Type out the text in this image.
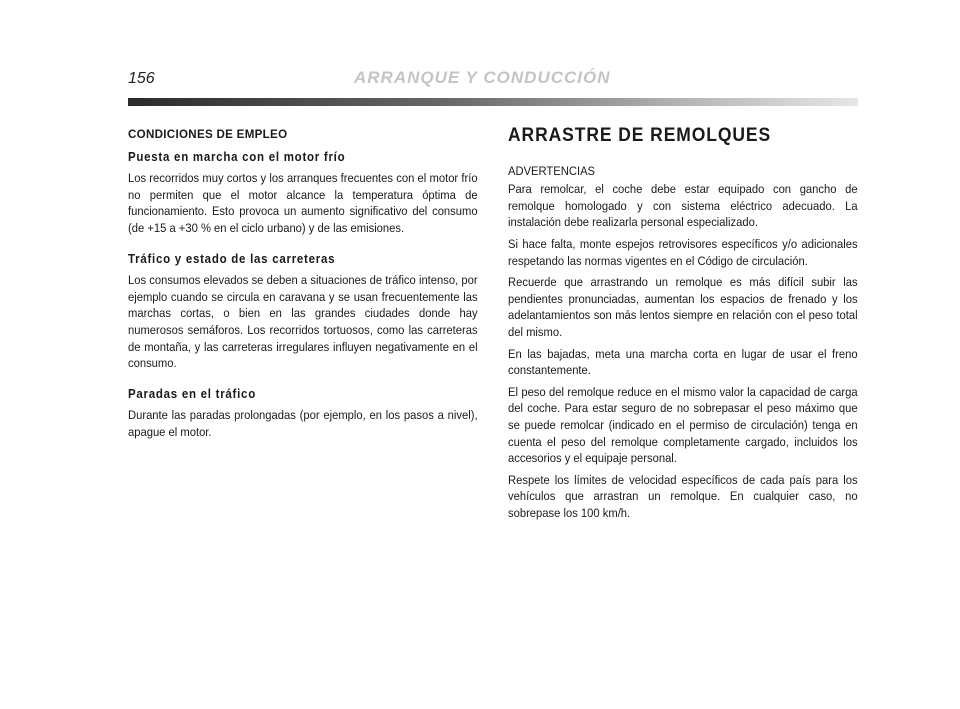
156	ARRANQUE Y CONDUCCIÓN
CONDICIONES DE EMPLEO
Puesta en marcha con el motor frío

Los recorridos muy cortos y los arranques frecuentes con el motor frío no permiten que el motor alcance la temperatura óptima de funcionamiento. Esto provoca un aumento significativo del consumo (de +15 a +30 % en el ciclo urbano) y de las emisiones.

Tráfico y estado de las carreteras

Los consumos elevados se deben a situaciones de tráfico intenso, por ejemplo cuando se circula en caravana y se usan frecuentemente las marchas cortas, o bien en las grandes ciudades donde hay numerosos semáforos. Los recorridos tortuosos, como las carreteras de montaña, y las carreteras irregulares influyen negativamente en el consumo.

Paradas en el tráfico

Durante las paradas prolongadas (por ejemplo, en los pasos a nivel), apague el motor.

ARRASTRE DE REMOLQUES
ADVERTENCIAS

Para remolcar, el coche debe estar equipado con gancho de remolque homologado y con sistema eléctrico adecuado. La instalación debe realizarla personal especializado.

Si hace falta, monte espejos retrovisores específicos y/o adicionales respetando las normas vigentes en el Código de circulación.

Recuerde que arrastrando un remolque es más difícil subir las pendientes pronunciadas, aumentan los espacios de frenado y los adelantamientos son más lentos siempre en relación con el peso total del mismo.

En las bajadas, meta una marcha corta en lugar de usar el freno constantemente.

El peso del remolque reduce en el mismo valor la capacidad de carga del coche. Para estar seguro de no sobrepasar el peso máximo que se puede remolcar (indicado en el permiso de circulación) tenga en cuenta el peso del remolque completamente cargado, incluidos los accesorios y el equipaje personal.

Respete los límites de velocidad específicos de cada país para los vehículos que arrastran un remolque. En cualquier caso, no sobrepase los 100 km/h.
